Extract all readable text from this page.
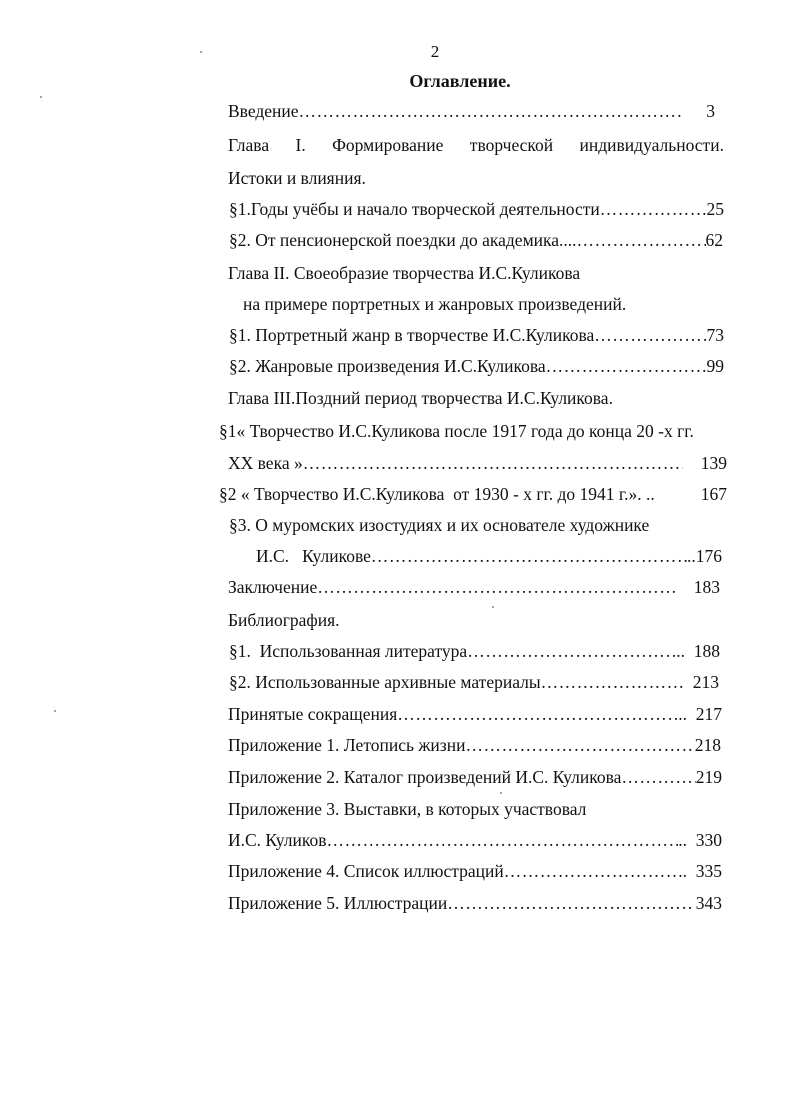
2
Оглавление.
Введение …………………………………………………………………………………………………………………………………………………………	3
Глава I. Формирование творческой индивидуальности.
Истоки и влияния.
§1.Годы учёбы и начало творческой деятельности …………………………………………………………………………………………………………………………………………………………	25
§2. От пенсионерской поездки до академика.... …………………………………………………………………………………………………………………………………………………………	62
Глава II. Своеобразие творчества И.С.Куликова
на примере портретных и жанровых произведений.
§1. Портретный жанр в творчестве И.С.Куликова …………………………………………………………………………………………………………………………………………………………	73
§2. Жанровые произведения И.С.Куликова …………………………………………………………………………………………………………………………………………………………	99
Глава III.Поздний период творчества И.С.Куликова.
§1« Творчество И.С.Куликова после 1917 года до конца 20 -х гг.
XX века » …………………………………………………………………………………………………………………………………………………………	139
§2 « Творчество И.С.Куликова  от 1930 - х гг. до 1941 г.». ..	167
§3. О муромских изостудиях и их основателе художнике
И.С.   Куликове …………………………………………………………………………………………………………………………………………………………	..176
Заключение …………………………………………………………………………………………………………………………………………………………	183
Библиография.
§1.  Использованная литература …………………………………………………………………………………………………………………………………………………………	..  188
§2. Использованные архивные материалы …………………………………………………………………………………………………………………………………………………………	213
Принятые сокращения …………………………………………………………………………………………………………………………………………………………	..  217
Приложение 1. Летопись жизни …………………………………………………………………………………………………………………………………………………………	218
Приложение 2. Каталог произведений И.С. Куликова …………………………………………………………………………………………………………………………………………………………	219
Приложение 3. Выставки, в которых участвовал
И.С. Куликов …………………………………………………………………………………………………………………………………………………………	..  330
Приложение 4. Список иллюстраций …………………………………………………………………………………………………………………………………………………………	..  335
Приложение 5. Иллюстрации …………………………………………………………………………………………………………………………………………………………	343
